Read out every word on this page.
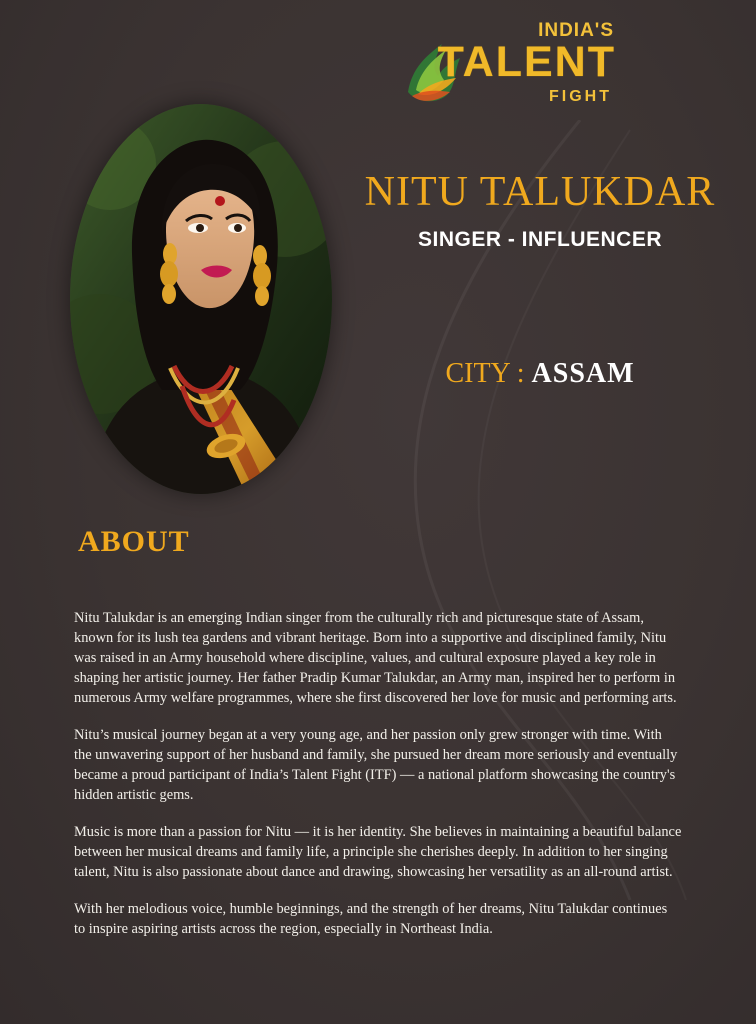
INDIA'S
TALENT
FIGHT
NITU TALUKDAR
SINGER - INFLUENCER
CITY : ASSAM
ABOUT

Nitu Talukdar is an emerging Indian singer from the culturally rich and picturesque state of Assam, known for its lush tea gardens and vibrant heritage. Born into a supportive and disciplined family, Nitu was raised in an Army household where discipline, values, and cultural exposure played a key role in shaping her artistic journey. Her father Pradip Kumar Talukdar, an Army man, inspired her to perform in numerous Army welfare programmes, where she first discovered her love for music and performing arts.

Nitu’s musical journey began at a very young age, and her passion only grew stronger with time. With the unwavering support of her husband and family, she pursued her dream more seriously and eventually became a proud participant of India’s Talent Fight (ITF) — a national platform showcasing the country's hidden artistic gems.

Music is more than a passion for Nitu — it is her identity. She believes in maintaining a beautiful balance between her musical dreams and family life, a principle she cherishes deeply. In addition to her singing talent, Nitu is also passionate about dance and drawing, showcasing her versatility as an all-round artist.

With her melodious voice, humble beginnings, and the strength of her dreams, Nitu Talukdar continues to inspire aspiring artists across the region, especially in Northeast India.
